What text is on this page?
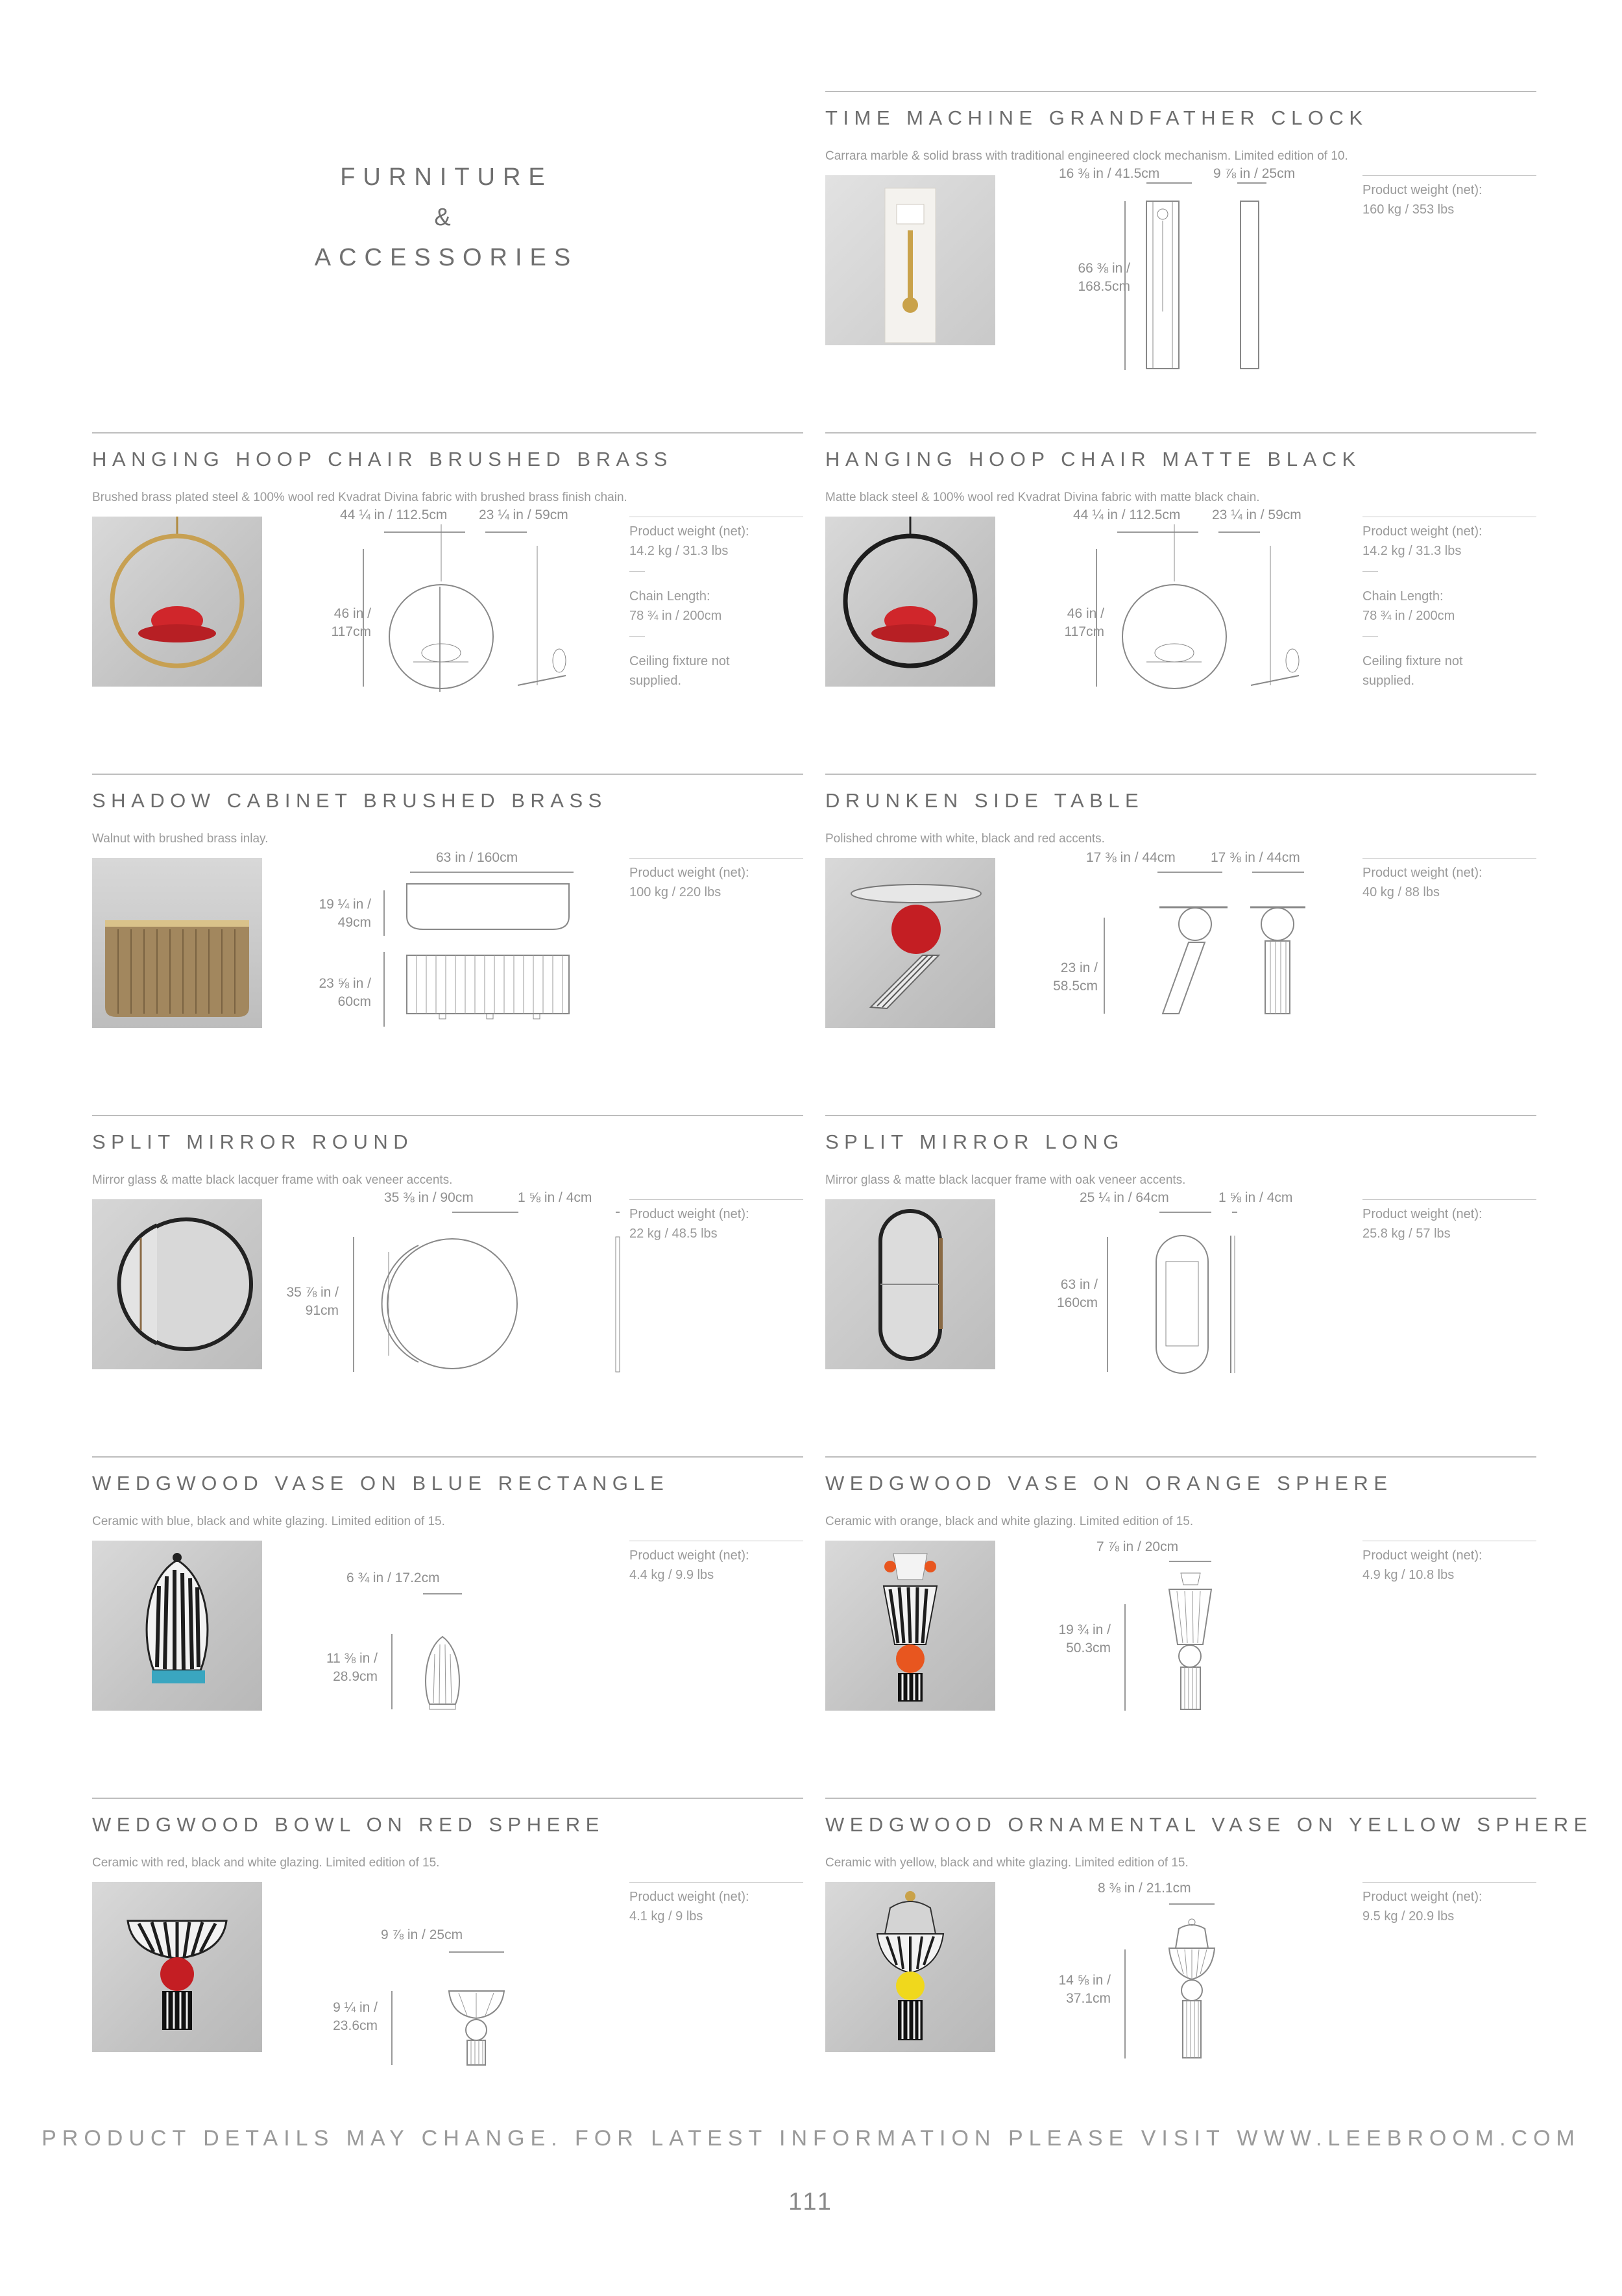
FURNITURE
&
ACCESSORIES
TIME MACHINE GRANDFATHER CLOCK
Carrara marble & solid brass with traditional engineered clock mechanism. Limited edition of 10.
16 ⅜ in / 41.5cm	9 ⅞ in / 25cm
66 ⅜ in /
168.5cm
Product weight (net):
160 kg / 353 lbs
HANGING HOOP CHAIR BRUSHED BRASS
Brushed brass plated steel & 100% wool red Kvadrat Divina fabric with brushed brass finish chain.
44 ¼ in / 112.5cm 23 ¼ in / 59cm
46 in /
117cm
Product weight (net):
14.2 kg / 31.3 lbs
Chain Length:
78 ¾ in / 200cm
Ceiling fixture not
supplied.
HANGING HOOP CHAIR MATTE BLACK
Matte black steel & 100% wool red Kvadrat Divina fabric with matte black chain.
44 ¼ in / 112.5cm 23 ¼ in / 59cm
46 in /
117cm
Product weight (net):
14.2 kg / 31.3 lbs
Chain Length:
78 ¾ in / 200cm
Ceiling fixture not
supplied.
SHADOW CABINET BRUSHED BRASS
Walnut with brushed brass inlay.
63 in / 160cm
19 ¼ in /
49cm
23 ⅝ in /
60cm
Product weight (net):
100 kg / 220 lbs
DRUNKEN SIDE TABLE
Polished chrome with white, black and red accents.
17 ⅜ in / 44cm	17 ⅜ in / 44cm
23 in /
58.5cm
Product weight (net):
40 kg / 88 lbs
SPLIT MIRROR ROUND
Mirror glass & matte black lacquer frame with oak veneer accents.
35 ⅜ in / 90cm	1 ⅝ in / 4cm
35 ⅞ in /
91cm
Product weight (net):
22 kg / 48.5 lbs
SPLIT MIRROR LONG
Mirror glass & matte black lacquer frame with oak veneer accents.
25 ¼ in / 64cm	1 ⅝ in / 4cm
63 in /
160cm
Product weight (net):
25.8 kg / 57 lbs
WEDGWOOD VASE ON BLUE RECTANGLE
Ceramic with blue, black and white glazing. Limited edition of 15.
6 ¾ in / 17.2cm
11 ⅜ in /
28.9cm
Product weight (net):
4.4 kg / 9.9 lbs
WEDGWOOD VASE ON ORANGE SPHERE
Ceramic with orange, black and white glazing. Limited edition of 15.
7 ⅞ in / 20cm
19 ¾ in /
50.3cm
Product weight (net):
4.9 kg / 10.8 lbs
WEDGWOOD BOWL ON RED SPHERE
Ceramic with red, black and white glazing. Limited edition of 15.
9 ⅞ in / 25cm
9 ¼ in /
23.6cm
Product weight (net):
4.1 kg / 9 lbs
WEDGWOOD ORNAMENTAL VASE ON YELLOW SPHERE
Ceramic with yellow, black and white glazing. Limited edition of 15.
8 ⅜ in / 21.1cm
14 ⅝ in /
37.1cm
Product weight (net):
9.5 kg / 20.9 lbs
PRODUCT DETAILS MAY CHANGE. FOR LATEST INFORMATION PLEASE VISIT WWW.LEEBROOM.COM
111
